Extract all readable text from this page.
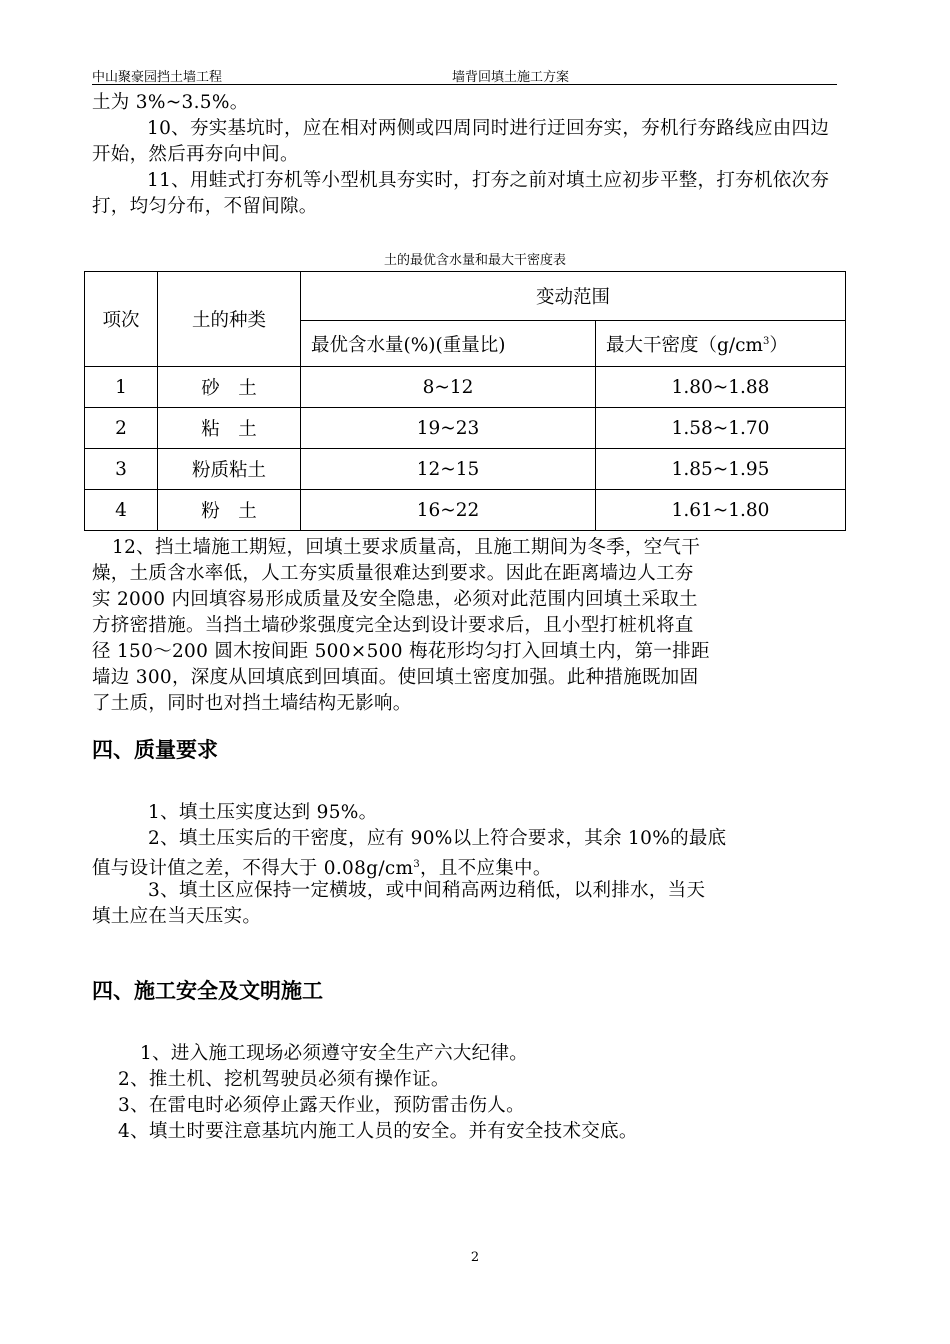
中山聚豪园挡土墙工程	墙背回填土施工方案

土为 3%~3.5%。

10、夯实基坑时，应在相对两侧或四周同时进行迂回夯实，夯机行夯路线应由四边开始，然后再夯向中间。

11、用蛙式打夯机等小型机具夯实时，打夯之前对填土应初步平整，打夯机依次夯打，均匀分布，不留间隙。

土的最优含水量和最大干密度表
项次	土的种类	变动范围	
		最优含水量(%)(重量比)	最大干密度$(g/cm^3)$
1	砂　土	8~12	1.80~1.88
2	粘　土	19~23	1.58~1.70
3	粉质粘土	12~15	1.85~1.95
4	粉　土	16~22	1.61~1.80
12、挡土墙施工期短，回填土要求质量高，且施工期间为冬季，空气干
燥，土质含水率低，人工夯实质量很难达到要求。因此在距离墙边人工夯
实 2000 内回填容易形成质量及安全隐患，必须对此范围内回填土采取土
方挤密措施。当挡土墙砂浆强度完全达到设计要求后，且小型打桩机将直
径 150～200 圆木按间距 500×500 梅花形均匀打入回填土内，第一排距
墙边 300，深度从回填底到回填面。使回填土密度加强。此种措施既加固
了土质，同时也对挡土墙结构无影响。
四、质量要求
1、填土压实度达到 95%。
2、填土压实后的干密度，应有 90%以上符合要求，其余 10%的最底
值与设计值之差，不得大于 $0.08g/cm^3$，且不应集中。
3、填土区应保持一定横坡，或中间稍高两边稍低，以利排水，当天
填土应在当天压实。
四、施工安全及文明施工
1、进入施工现场必须遵守安全生产六大纪律。
2、推土机、挖机驾驶员必须有操作证。
3、在雷电时必须停止露天作业，预防雷击伤人。
4、填土时要注意基坑内施工人员的安全。并有安全技术交底。
2
